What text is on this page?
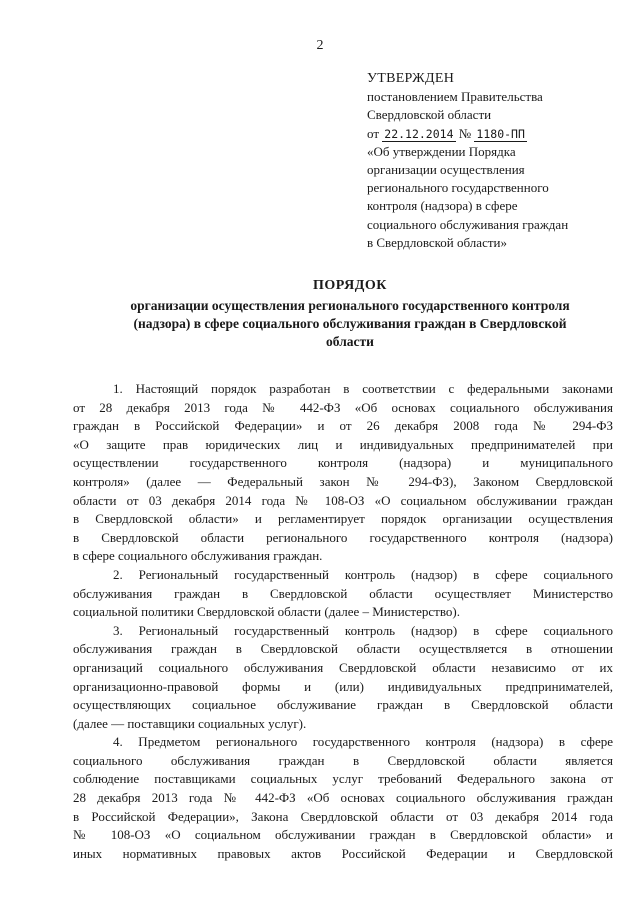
2
УТВЕРЖДЕН
постановлением Правительства
Свердловской области
от 22.12.2014 № 1180-ПП
«Об утверждении Порядка
организации осуществления
регионального государственного
контроля (надзора) в сфере
социального обслуживания граждан
в Свердловской области»
ПОРЯДОК
организации осуществления регионального государственного контроля
(надзора) в сфере социального обслуживания граждан в Свердловской
области
1. Настоящий порядок разработан в соответствии с федеральными законами
от 28 декабря 2013 года № 442-ФЗ «Об основах социального обслуживания
граждан в Российской Федерации» и от 26 декабря 2008 года № 294-ФЗ
«О защите прав юридических лиц и индивидуальных предпринимателей при
осуществлении государственного контроля (надзора) и муниципального
контроля» (далее — Федеральный закон № 294-ФЗ), Законом Свердловской
области от 03 декабря 2014 года № 108-ОЗ «О социальном обслуживании граждан
в Свердловской области» и регламентирует порядок организации осуществления
в Свердловской области регионального государственного контроля (надзора)
в сфере социального обслуживания граждан.
2. Региональный государственный контроль (надзор) в сфере социального
обслуживания граждан в Свердловской области осуществляет Министерство
социальной политики Свердловской области (далее – Министерство).
3. Региональный государственный контроль (надзор) в сфере социального
обслуживания граждан в Свердловской области осуществляется в отношении
организаций социального обслуживания Свердловской области независимо от их
организационно-правовой формы и (или) индивидуальных предпринимателей,
осуществляющих социальное обслуживание граждан в Свердловской области
(далее — поставщики социальных услуг).
4. Предметом регионального государственного контроля (надзора) в сфере
социального обслуживания граждан в Свердловской области является
соблюдение поставщиками социальных услуг требований Федерального закона от
28 декабря 2013 года № 442-ФЗ «Об основах социального обслуживания граждан
в Российской Федерации», Закона Свердловской области от 03 декабря 2014 года
№ 108-ОЗ «О социальном обслуживании граждан в Свердловской области» и
иных нормативных правовых актов Российской Федерации и Свердловской
